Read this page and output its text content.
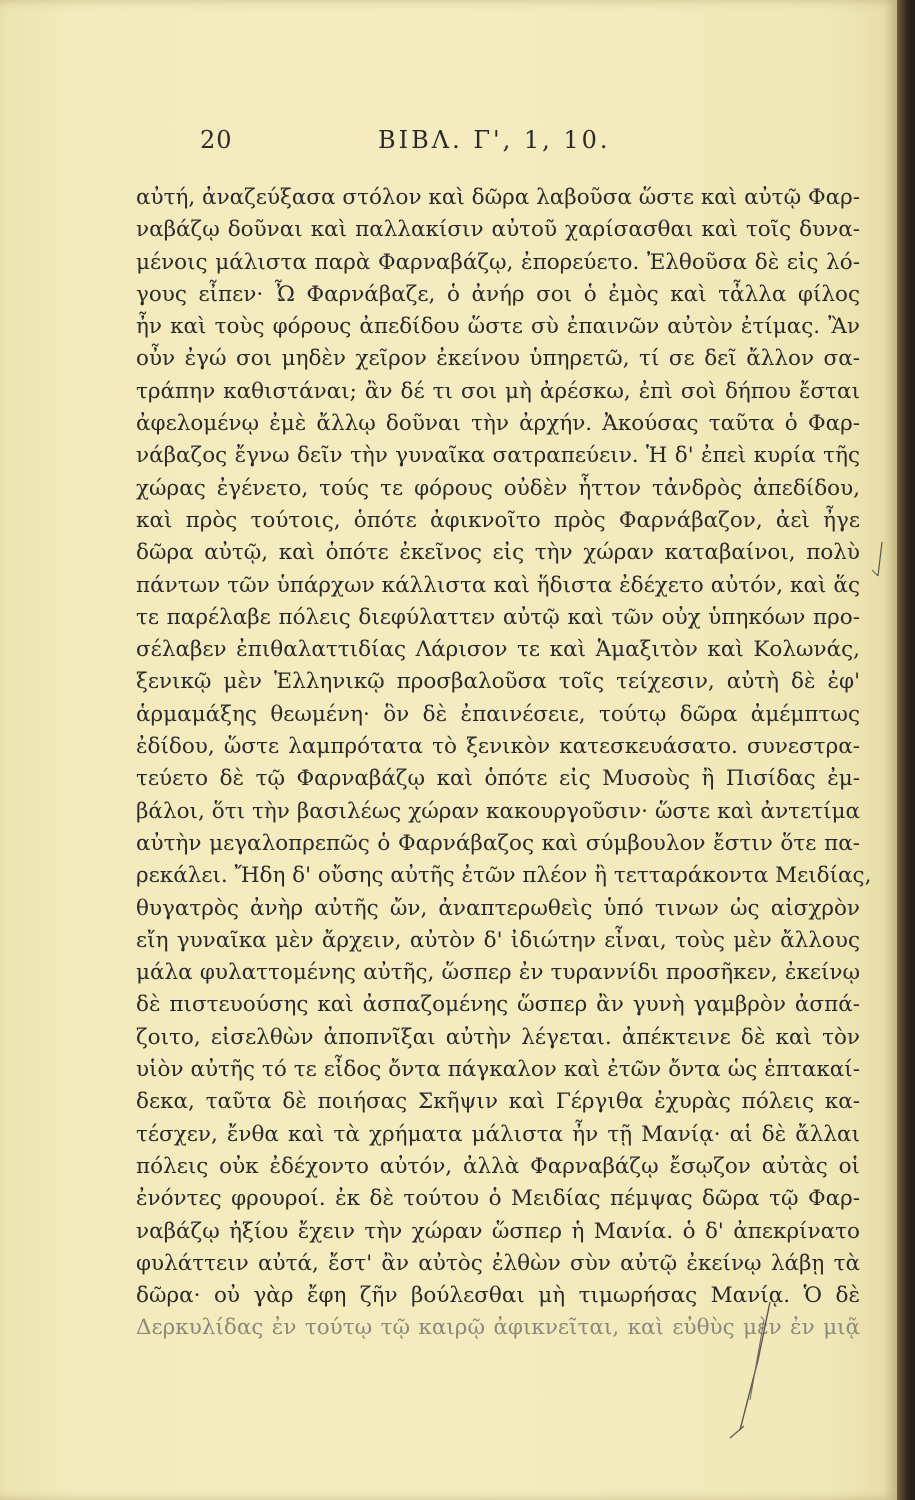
20	ΒΙΒΛ. Γ', 1, 10.
αὐτή, ἀναζεύξασα στόλον καὶ δῶρα λαβοῦσα ὥστε καὶ αὐτῷ Φαρ-
ναβάζῳ δοῦναι καὶ παλλακίσιν αὐτοῦ χαρίσασθαι καὶ τοῖς δυνα-
μένοις μάλιστα παρὰ Φαρναβάζῳ, ἐπορεύετο. Ἐλθοῦσα δὲ εἰς λό-
γους εἶπεν· Ὦ Φαρνάβαζε, ὁ ἀνήρ σοι ὁ ἐμὸς καὶ τἆλλα φίλος
ἦν καὶ τοὺς φόρους ἀπεδίδου ὥστε σὺ ἐπαινῶν αὐτὸν ἐτίμας. Ἂν
οὖν ἐγώ σοι μηδὲν χεῖρον ἐκείνου ὑπηρετῶ, τί σε δεῖ ἄλλον σα-
τράπην καθιστάναι; ἂν δέ τι σοι μὴ ἀρέσκω, ἐπὶ σοὶ δήπου ἔσται
ἀφελομένῳ ἐμὲ ἄλλῳ δοῦναι τὴν ἀρχήν. Ἀκούσας ταῦτα ὁ Φαρ-
νάβαζος ἔγνω δεῖν τὴν γυναῖκα σατραπεύειν. Ἡ δ' ἐπεὶ κυρία τῆς
χώρας ἐγένετο, τούς τε φόρους οὐδὲν ἧττον τἀνδρὸς ἀπεδίδου,
καὶ πρὸς τούτοις, ὁπότε ἀφικνοῖτο πρὸς Φαρνάβαζον, ἀεὶ ἦγε
δῶρα αὐτῷ, καὶ ὁπότε ἐκεῖνος εἰς τὴν χώραν καταβαίνοι, πολὺ
πάντων τῶν ὑπάρχων κάλλιστα καὶ ἥδιστα ἐδέχετο αὐτόν, καὶ ἅς
τε παρέλαβε πόλεις διεφύλαττεν αὐτῷ καὶ τῶν οὐχ ὑπηκόων προ-
σέλαβεν ἐπιθαλαττιδίας Λάρισον τε καὶ Ἁμαξιτὸν καὶ Κολωνάς,
ξενικῷ μὲν Ἑλληνικῷ προσβαλοῦσα τοῖς τείχεσιν, αὐτὴ δὲ ἐφ'
ἁρμαμάξης θεωμένη· ὃν δὲ ἐπαινέσειε, τούτῳ δῶρα ἀμέμπτως
ἐδίδου, ὥστε λαμπρότατα τὸ ξενικὸν κατεσκευάσατο. συνεστρα-
τεύετο δὲ τῷ Φαρναβάζῳ καὶ ὁπότε εἰς Μυσοὺς ἢ Πισίδας ἐμ-
βάλοι, ὅτι τὴν βασιλέως χώραν κακουργοῦσιν· ὥστε καὶ ἀντετίμα
αὐτὴν μεγαλοπρεπῶς ὁ Φαρνάβαζος καὶ σύμβουλον ἔστιν ὅτε πα-
ρεκάλει. Ἤδη δ' οὔσης αὐτῆς ἐτῶν πλέον ἢ τετταράκοντα Μειδίας,
θυγατρὸς ἀνὴρ αὐτῆς ὤν, ἀναπτερωθεὶς ὑπό τινων ὡς αἰσχρὸν
εἴη γυναῖκα μὲν ἄρχειν, αὐτὸν δ' ἰδιώτην εἶναι, τοὺς μὲν ἄλλους
μάλα φυλαττομένης αὐτῆς, ὥσπερ ἐν τυραννίδι προσῆκεν, ἐκείνῳ
δὲ πιστευούσης καὶ ἀσπαζομένης ὥσπερ ἂν γυνὴ γαμβρὸν ἀσπά-
ζοιτο, εἰσελθὼν ἀποπνῖξαι αὐτὴν λέγεται. ἀπέκτεινε δὲ καὶ τὸν
υἱὸν αὐτῆς τό τε εἶδος ὄντα πάγκαλον καὶ ἐτῶν ὄντα ὡς ἑπτακαί-
δεκα, ταῦτα δὲ ποιήσας Σκῆψιν καὶ Γέργιθα ἐχυρὰς πόλεις κα-
τέσχεν, ἔνθα καὶ τὰ χρήματα μάλιστα ἦν τῇ Μανίᾳ· αἱ δὲ ἄλλαι
πόλεις οὐκ ἐδέχοντο αὐτόν, ἀλλὰ Φαρναβάζῳ ἔσῳζον αὐτὰς οἱ
ἐνόντες φρουροί. ἐκ δὲ τούτου ὁ Μειδίας πέμψας δῶρα τῷ Φαρ-
ναβάζῳ ἠξίου ἔχειν τὴν χώραν ὥσπερ ἡ Μανία. ὁ δ' ἀπεκρίνατο
φυλάττειν αὐτά, ἔστ' ἂν αὐτὸς ἐλθὼν σὺν αὐτῷ ἐκείνῳ λάβῃ τὰ
δῶρα· οὐ γὰρ ἔφη ζῆν βούλεσθαι μὴ τιμωρήσας Μανίᾳ. Ὁ δὲ
Δερκυλίδας ἐν τούτῳ τῷ καιρῷ ἀφικνεῖται, καὶ εὐθὺς μὲν ἐν μιᾷ
